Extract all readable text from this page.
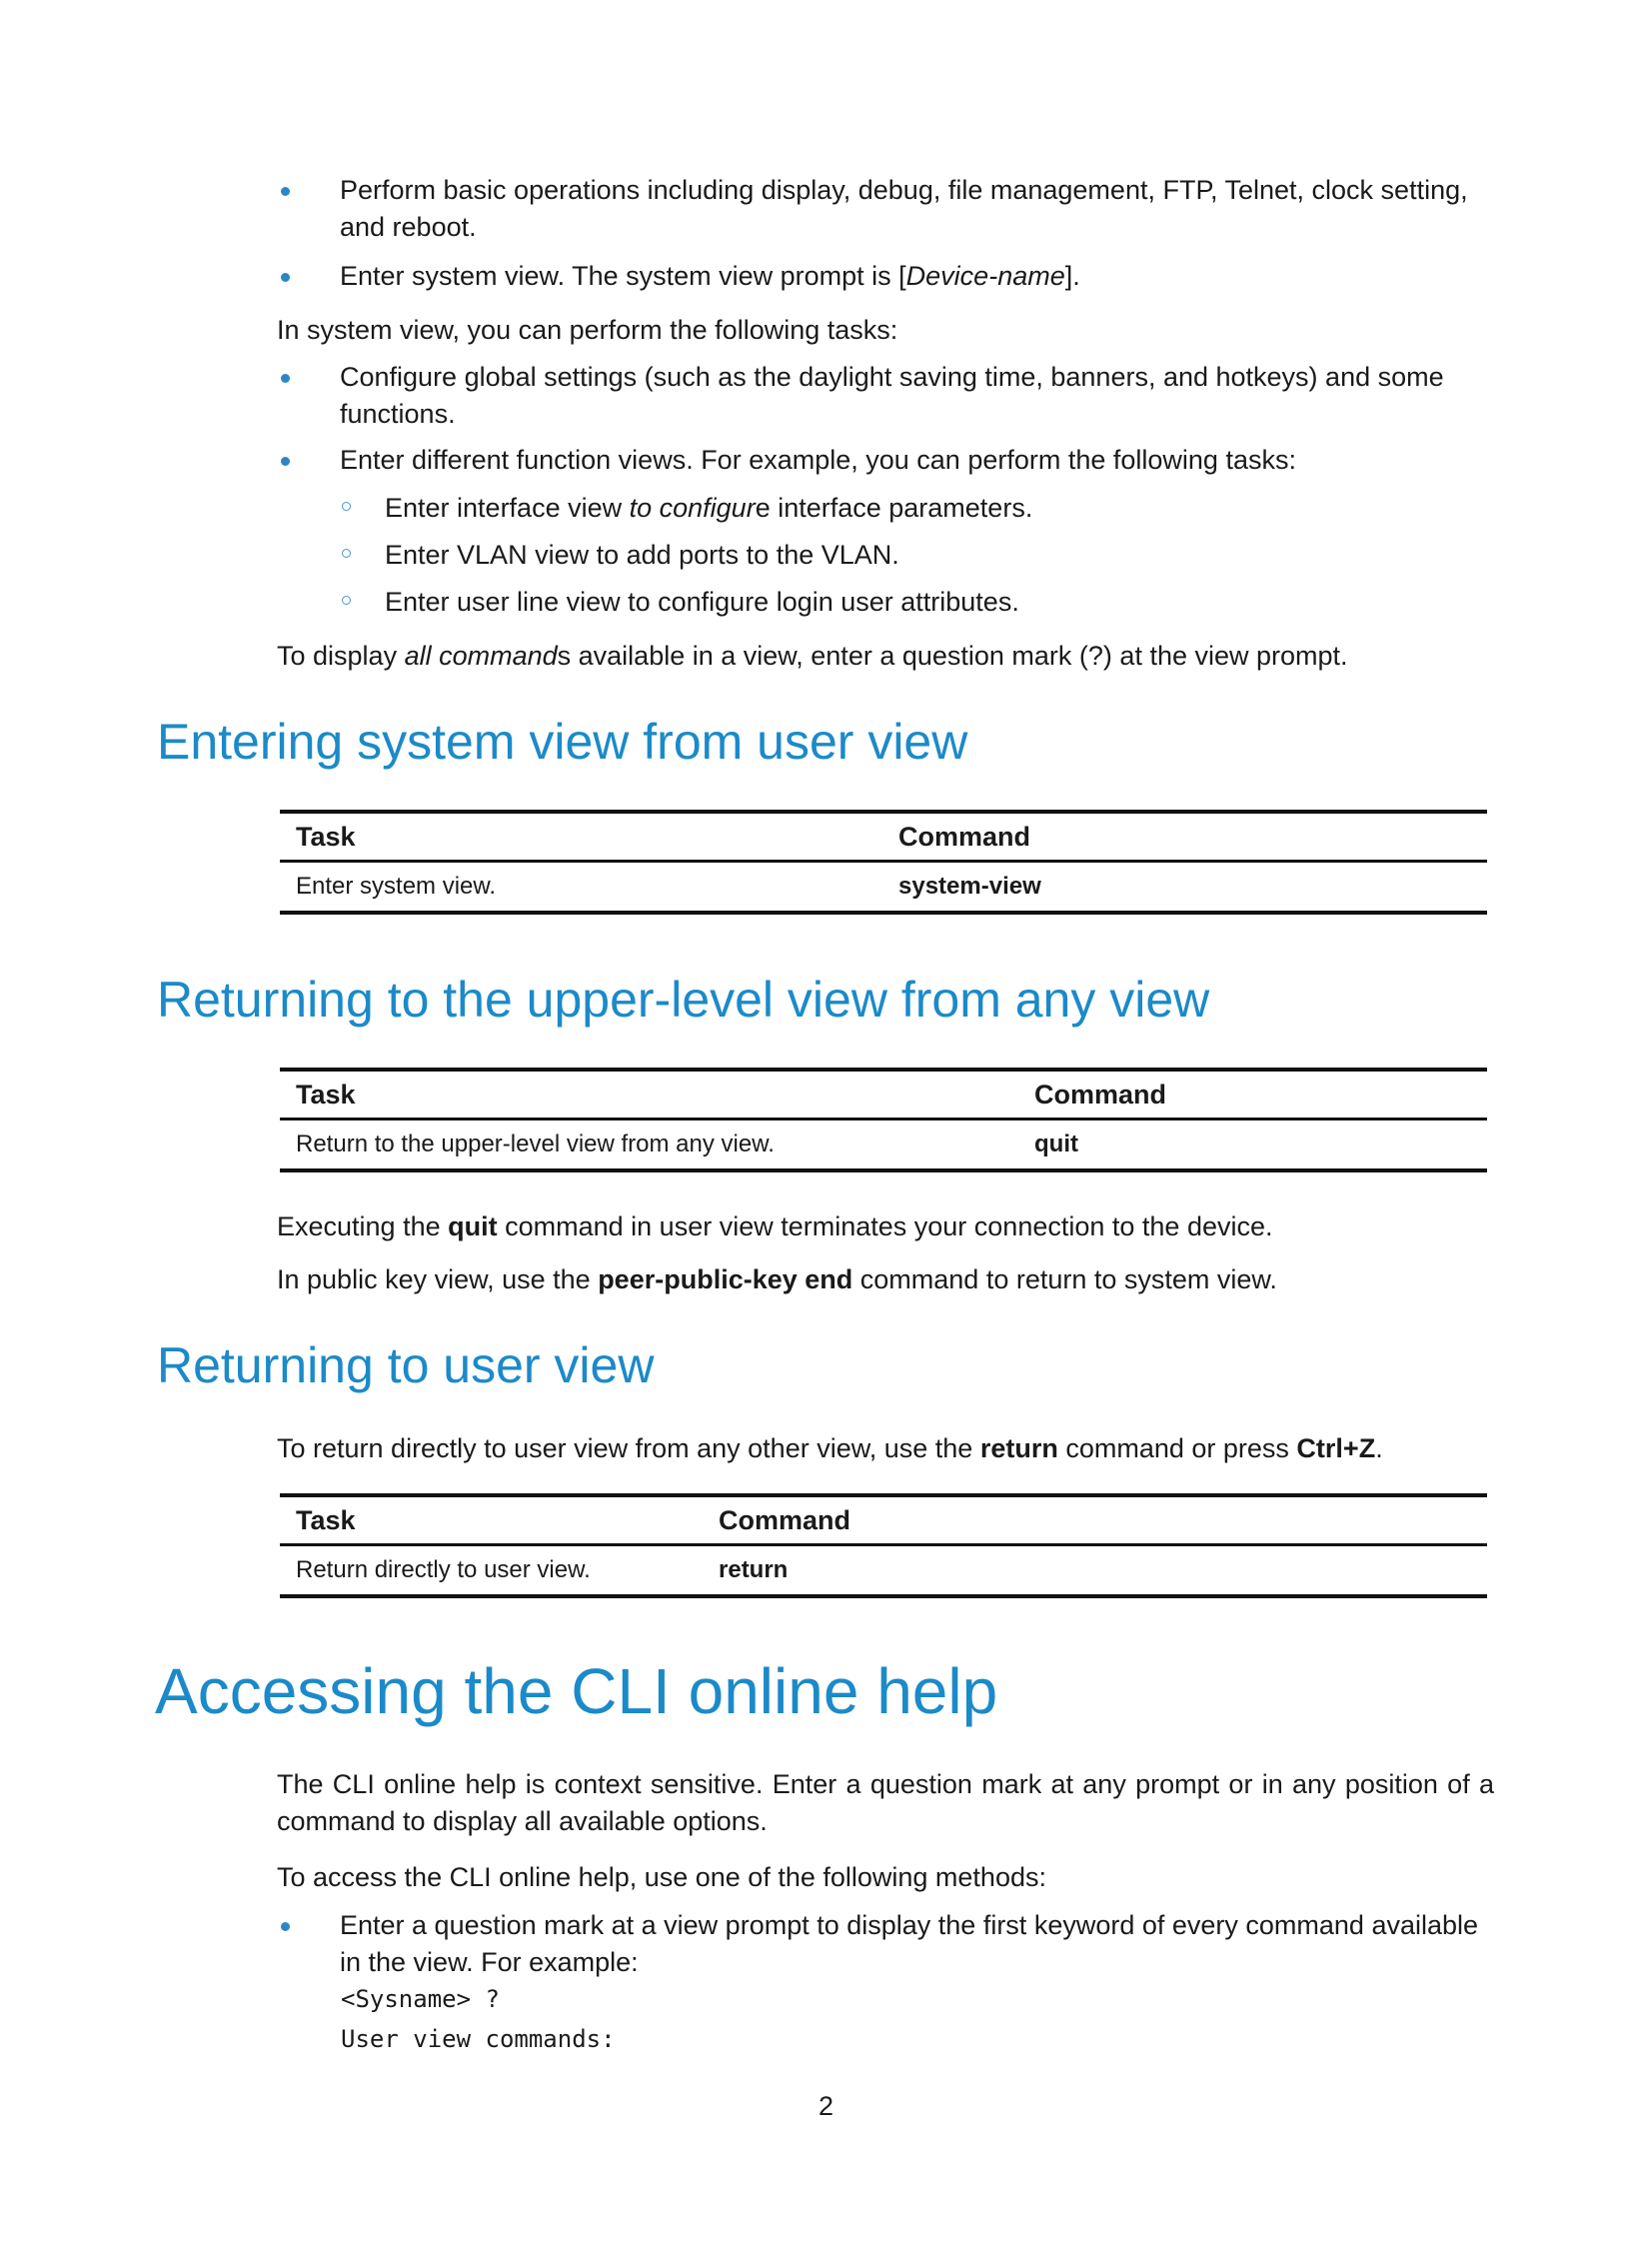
Perform basic operations including display, debug, file management, FTP, Telnet, clock setting, and reboot.
Enter system view. The system view prompt is [Device-name].
In system view, you can perform the following tasks:
Configure global settings (such as the daylight saving time, banners, and hotkeys) and some functions.
Enter different function views. For example, you can perform the following tasks:
Enter interface view to configure interface parameters.
Enter VLAN view to add ports to the VLAN.
Enter user line view to configure login user attributes.
To display all commands available in a view, enter a question mark (?) at the view prompt.
Entering system view from user view
Task	Command
Enter system view.	system-view
Returning to the upper-level view from any view
Task	Command
Return to the upper-level view from any view.	quit
Executing the quit command in user view terminates your connection to the device.
In public key view, use the peer-public-key end command to return to system view.
Returning to user view
To return directly to user view from any other view, use the return command or press Ctrl+Z.
Task	Command
Return directly to user view.	return
Accessing the CLI online help
The CLI online help is context sensitive. Enter a question mark at any prompt or in any position of a command to display all available options.
To access the CLI online help, use one of the following methods:
Enter a question mark at a view prompt to display the first keyword of every command available in the view. For example:
<Sysname> ?
User view commands:
2
